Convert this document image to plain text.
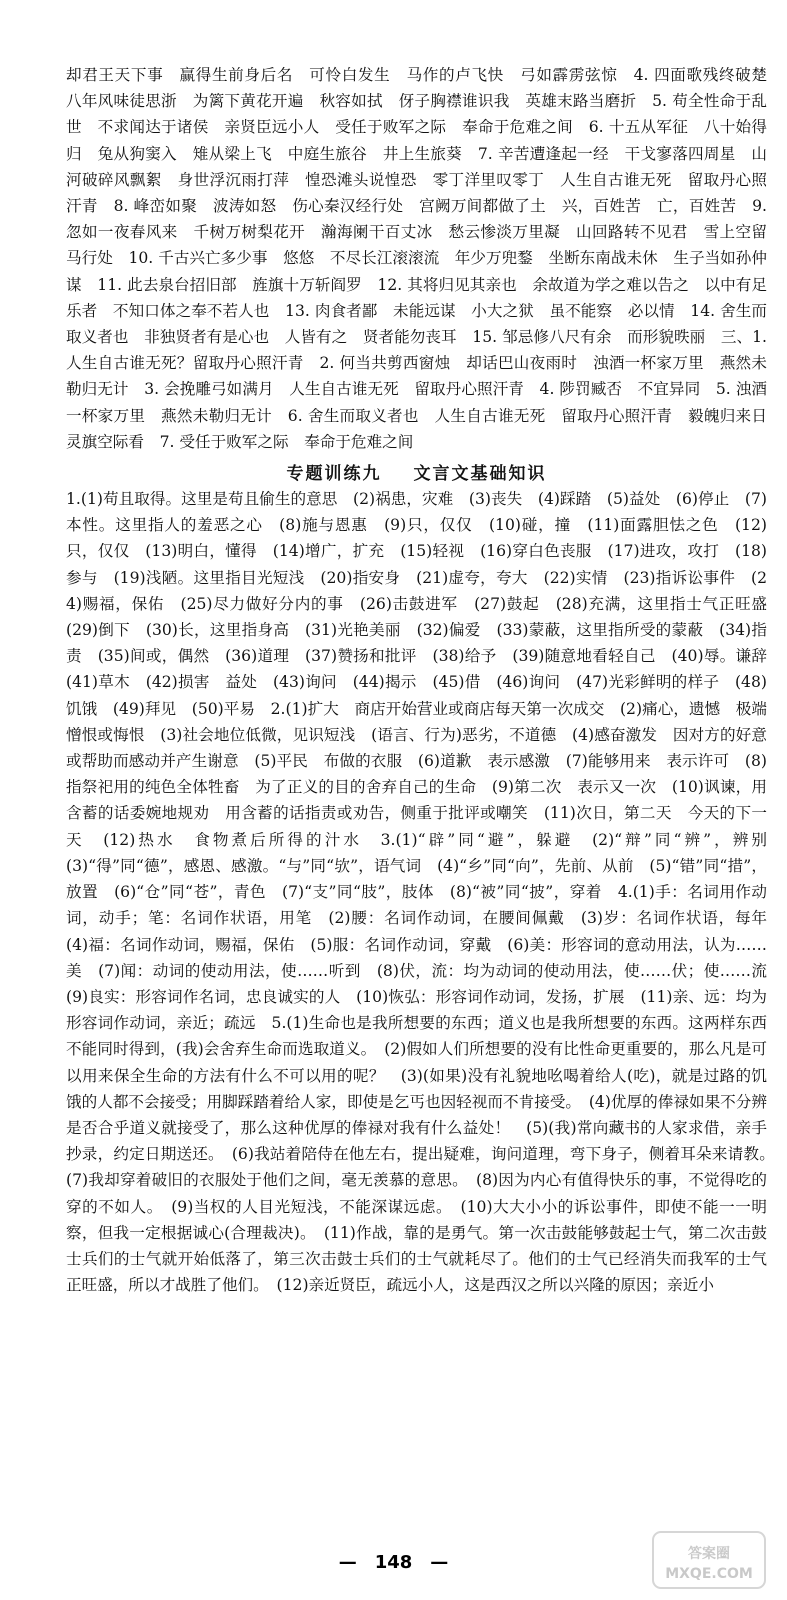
却君王天下事　赢得生前身后名　可怜白发生　马作的卢飞快　弓如霹雳弦惊　4. 四面歌残终破楚　八年风味徒思浙　为篱下黄花开遍　秋容如拭　伢子胸襟谁识我　英雄末路当磨折　5. 苟全性命于乱世　不求闻达于诸侯　亲贤臣远小人　受任于败军之际　奉命于危难之间　6. 十五从军征　八十始得归　兔从狗窦入　雉从梁上飞　中庭生旅谷　井上生旅葵　7. 辛苦遭逢起一经　干戈寥落四周星　山河破碎风飘絮　身世浮沉雨打萍　惶恐滩头说惶恐　零丁洋里叹零丁　人生自古谁无死　留取丹心照汗青　8. 峰峦如聚　波涛如怒　伤心秦汉经行处　宫阙万间都做了土　兴，百姓苦　亡，百姓苦　9. 忽如一夜春风来　千树万树梨花开　瀚海阑干百丈冰　愁云惨淡万里凝　山回路转不见君　雪上空留马行处　10. 千古兴亡多少事　悠悠　不尽长江滚滚流　年少万兜鍪　坐断东南战未休　生子当如孙仲谋　11. 此去泉台招旧部　旌旗十万斩阎罗　12. 其将归见其亲也　余故道为学之难以告之　以中有足乐者　不知口体之奉不若人也　13. 肉食者鄙　未能远谋　小大之狱　虽不能察　必以情　14. 舍生而取义者也　非独贤者有是心也　人皆有之　贤者能勿丧耳　15. 邹忌修八尺有余　而形貌昳丽　三、1. 人生自古谁无死？留取丹心照汗青　2. 何当共剪西窗烛　却话巴山夜雨时　浊酒一杯家万里　燕然未勒归无计　3. 会挽雕弓如满月　人生自古谁无死　留取丹心照汗青　4. 陟罚臧否　不宜异同　5. 浊酒一杯家万里　燕然未勒归无计　6. 舍生而取义者也　人生自古谁无死　留取丹心照汗青　毅魄归来日　灵旗空际看　7. 受任于败军之际　奉命于危难之间

专题训练九 文言文基础知识

1.(1)苟且取得。这里是苟且偷生的意思　(2)祸患，灾难　(3)丧失　(4)踩踏　(5)益处　(6)停止　(7)本性。这里指人的羞恶之心　(8)施与恩惠　(9)只，仅仅　(10)碰，撞　(11)面露胆怯之色　(12)只，仅仅　(13)明白，懂得　(14)增广，扩充　(15)轻视　(16)穿白色丧服　(17)进攻，攻打　(18)参与　(19)浅陋。这里指目光短浅　(20)指安身　(21)虚夸，夸大　(22)实情　(23)指诉讼事件　(24)赐福，保佑　(25)尽力做好分内的事　(26)击鼓进军　(27)鼓起　(28)充满，这里指士气正旺盛　(29)倒下　(30)长，这里指身高　(31)光艳美丽　(32)偏爱　(33)蒙蔽，这里指所受的蒙蔽　(34)指责　(35)间或，偶然　(36)道理　(37)赞扬和批评　(38)给予　(39)随意地看轻自己　(40)辱。谦辞　(41)草木　(42)损害　益处　(43)询问　(44)揭示　(45)借　(46)询问　(47)光彩鲜明的样子　(48)饥饿　(49)拜见　(50)平易　2.(1)扩大　商店开始营业或商店每天第一次成交　(2)痛心，遗憾　极端憎恨或悔恨　(3)社会地位低微，见识短浅　(语言、行为)恶劣，不道德　(4)感奋激发　因对方的好意或帮助而感动并产生谢意　(5)平民　布做的衣服　(6)道歉　表示感激　(7)能够用来　表示许可　(8)指祭祀用的纯色全体牲畜　为了正义的目的舍弃自己的生命　(9)第二次　表示又一次　(10)讽谏，用含蓄的话委婉地规劝　用含蓄的话指责或劝告，侧重于批评或嘲笑　(11)次日，第二天　今天的下一天　(12)热水　食物煮后所得的汁水　3.(1)“辟”同“避”，躲避　(2)“辩”同“辨”，辨别　(3)“得”同“德”，感恩、感激。“与”同“欤”，语气词　(4)“乡”同“向”，先前、从前　(5)“错”同“措”，放置　(6)“仓”同“苍”，青色　(7)“支”同“肢”，肢体　(8)“被”同“披”，穿着　4.(1)手：名词用作动词，动手；笔：名词作状语，用笔　(2)腰：名词作动词，在腰间佩戴　(3)岁：名词作状语，每年　(4)福：名词作动词，赐福，保佑　(5)服：名词作动词，穿戴　(6)美：形容词的意动用法，认为……美　(7)闻：动词的使动用法，使……听到　(8)伏，流：均为动词的使动用法，使……伏；使……流　(9)良实：形容词作名词，忠良诚实的人　(10)恢弘：形容词作动词，发扬，扩展　(11)亲、远：均为形容词作动词，亲近；疏远　5.(1)生命也是我所想要的东西；道义也是我所想要的东西。这两样东西不能同时得到，(我)会舍弃生命而选取道义。　(2)假如人们所想要的没有比性命更重要的，那么凡是可以用来保全生命的方法有什么不可以用的呢？　(3)(如果)没有礼貌地吆喝着给人(吃)，就是过路的饥饿的人都不会接受；用脚踩踏着给人家，即使是乞丐也因轻视而不肯接受。　(4)优厚的俸禄如果不分辨是否合乎道义就接受了，那么这种优厚的俸禄对我有什么益处！　(5)(我)常向藏书的人家求借，亲手抄录，约定日期送还。　(6)我站着陪侍在他左右，提出疑难，询问道理，弯下身子，侧着耳朵来请教。　(7)我却穿着破旧的衣服处于他们之间，毫无羡慕的意思。　(8)因为内心有值得快乐的事，不觉得吃的穿的不如人。　(9)当权的人目光短浅，不能深谋远虑。　(10)大大小小的诉讼事件，即使不能一一明察，但我一定根据诚心(合理裁决)。　(11)作战，靠的是勇气。第一次击鼓能够鼓起士气，第二次击鼓士兵们的士气就开始低落了，第三次击鼓士兵们的士气就耗尽了。他们的士气已经消失而我军的士气正旺盛，所以才战胜了他们。　(12)亲近贤臣，疏远小人，这是西汉之所以兴隆的原因；亲近小

—　148　—	答案圈
MXQE.COM
